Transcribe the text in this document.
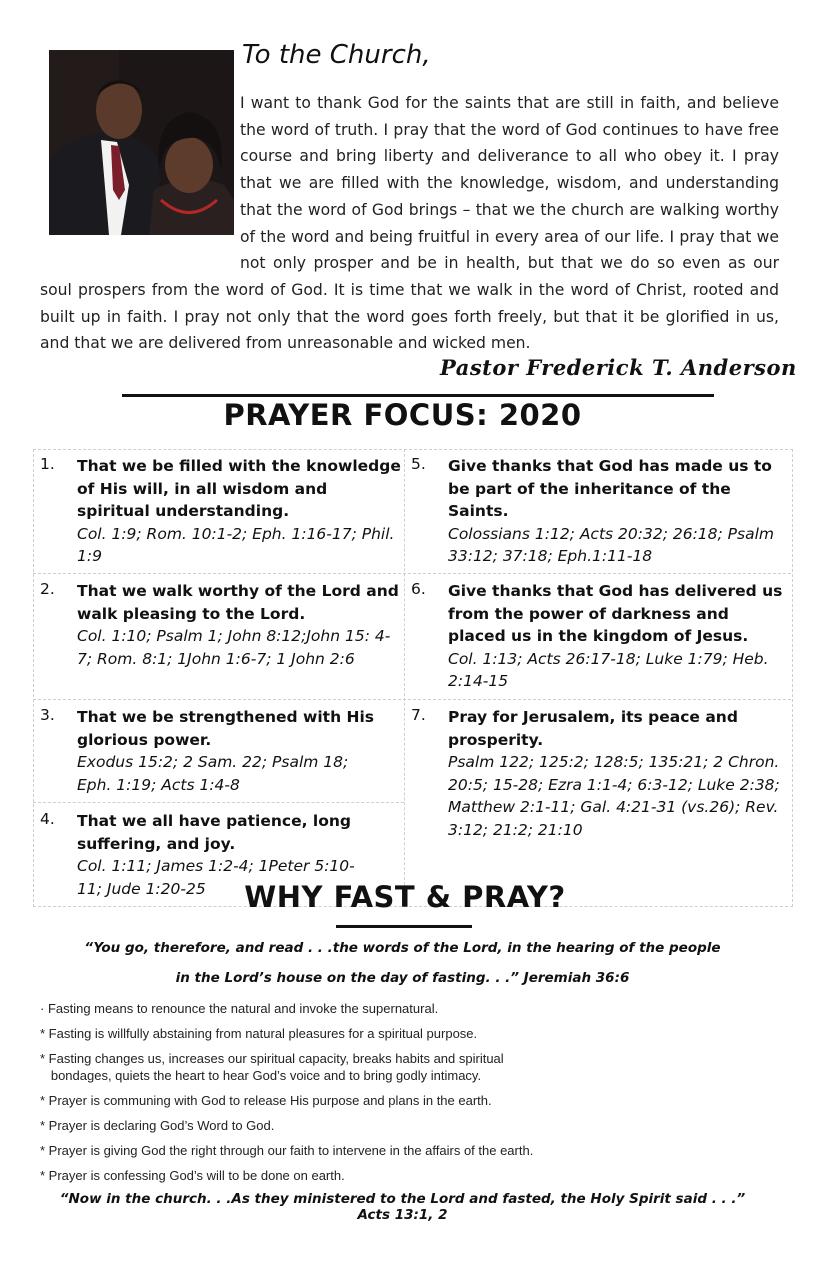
To the Church,
I want to thank God for the saints that are still in faith, and believe the word of truth. I pray that the word of God continues to have free course and bring liberty and deliverance to all who obey it. I pray that we are filled with the knowledge, wisdom, and understanding that the word of God brings – that we the church are walking worthy of the word and being fruitful in every area of our life. I pray that we not only prosper and be in health, but that we do so even as our soul prospers from the word of God. It is time that we walk in the word of Christ, rooted and built up in faith. I pray not only that the word goes forth freely, but that it be glorified in us, and that we are delivered from unreasonable and wicked men.
Pastor Frederick T. Anderson
PRAYER FOCUS: 2020
1. That we be filled with the knowledge of His will, in all wisdom and spiritual understanding.
Col. 1:9; Rom. 10:1-2; Eph. 1:16-17; Phil. 1:9
2. That we walk worthy of the Lord and walk pleasing to the Lord.
Col. 1:10; Psalm 1; John 8:12;John 15: 4-7; Rom. 8:1; 1John 1:6-7; 1 John 2:6
3. That we be strengthened with His glorious power.
Exodus 15:2; 2 Sam. 22; Psalm 18; Eph. 1:19; Acts 1:4-8
4. That we all have patience, long suffering, and joy.
Col. 1:11; James 1:2-4; 1Peter 5:10-11; Jude 1:20-25
5. Give thanks that God has made us to be part of the inheritance of the Saints.
Colossians 1:12; Acts 20:32; 26:18; Psalm 33:12; 37:18; Eph.1:11-18
6. Give thanks that God has delivered us from the power of darkness and placed us in the kingdom of Jesus.
Col. 1:13; Acts 26:17-18; Luke 1:79; Heb. 2:14-15
7. Pray for Jerusalem, its peace and prosperity.
Psalm 122; 125:2; 128:5; 135:21; 2 Chron. 20:5; 15-28; Ezra 1:1-4; 6:3-12; Luke 2:38; Matthew 2:1-11; Gal. 4:21-31 (vs.26); Rev. 3:12; 21:2; 21:10
WHY FAST & PRAY?
“You go, therefore, and read . . .the words of the Lord, in the hearing of the people
in the Lord’s house on the day of fasting. . .” Jeremiah 36:6
· Fasting means to renounce the natural and invoke the supernatural.
* Fasting is willfully abstaining from natural pleasures for a spiritual purpose.
* Fasting changes us, increases our spiritual capacity, breaks habits and spiritual
bondages, quiets the heart to hear God’s voice and to bring godly intimacy.
* Prayer is communing with God to release His purpose and plans in the earth.
* Prayer is declaring God’s Word to God.
* Prayer is giving God the right through our faith to intervene in the affairs of the earth.
* Prayer is confessing God’s will to be done on earth.
“Now in the church. . .As they ministered to the Lord and fasted, the Holy Spirit said . . .”
Acts 13:1, 2
